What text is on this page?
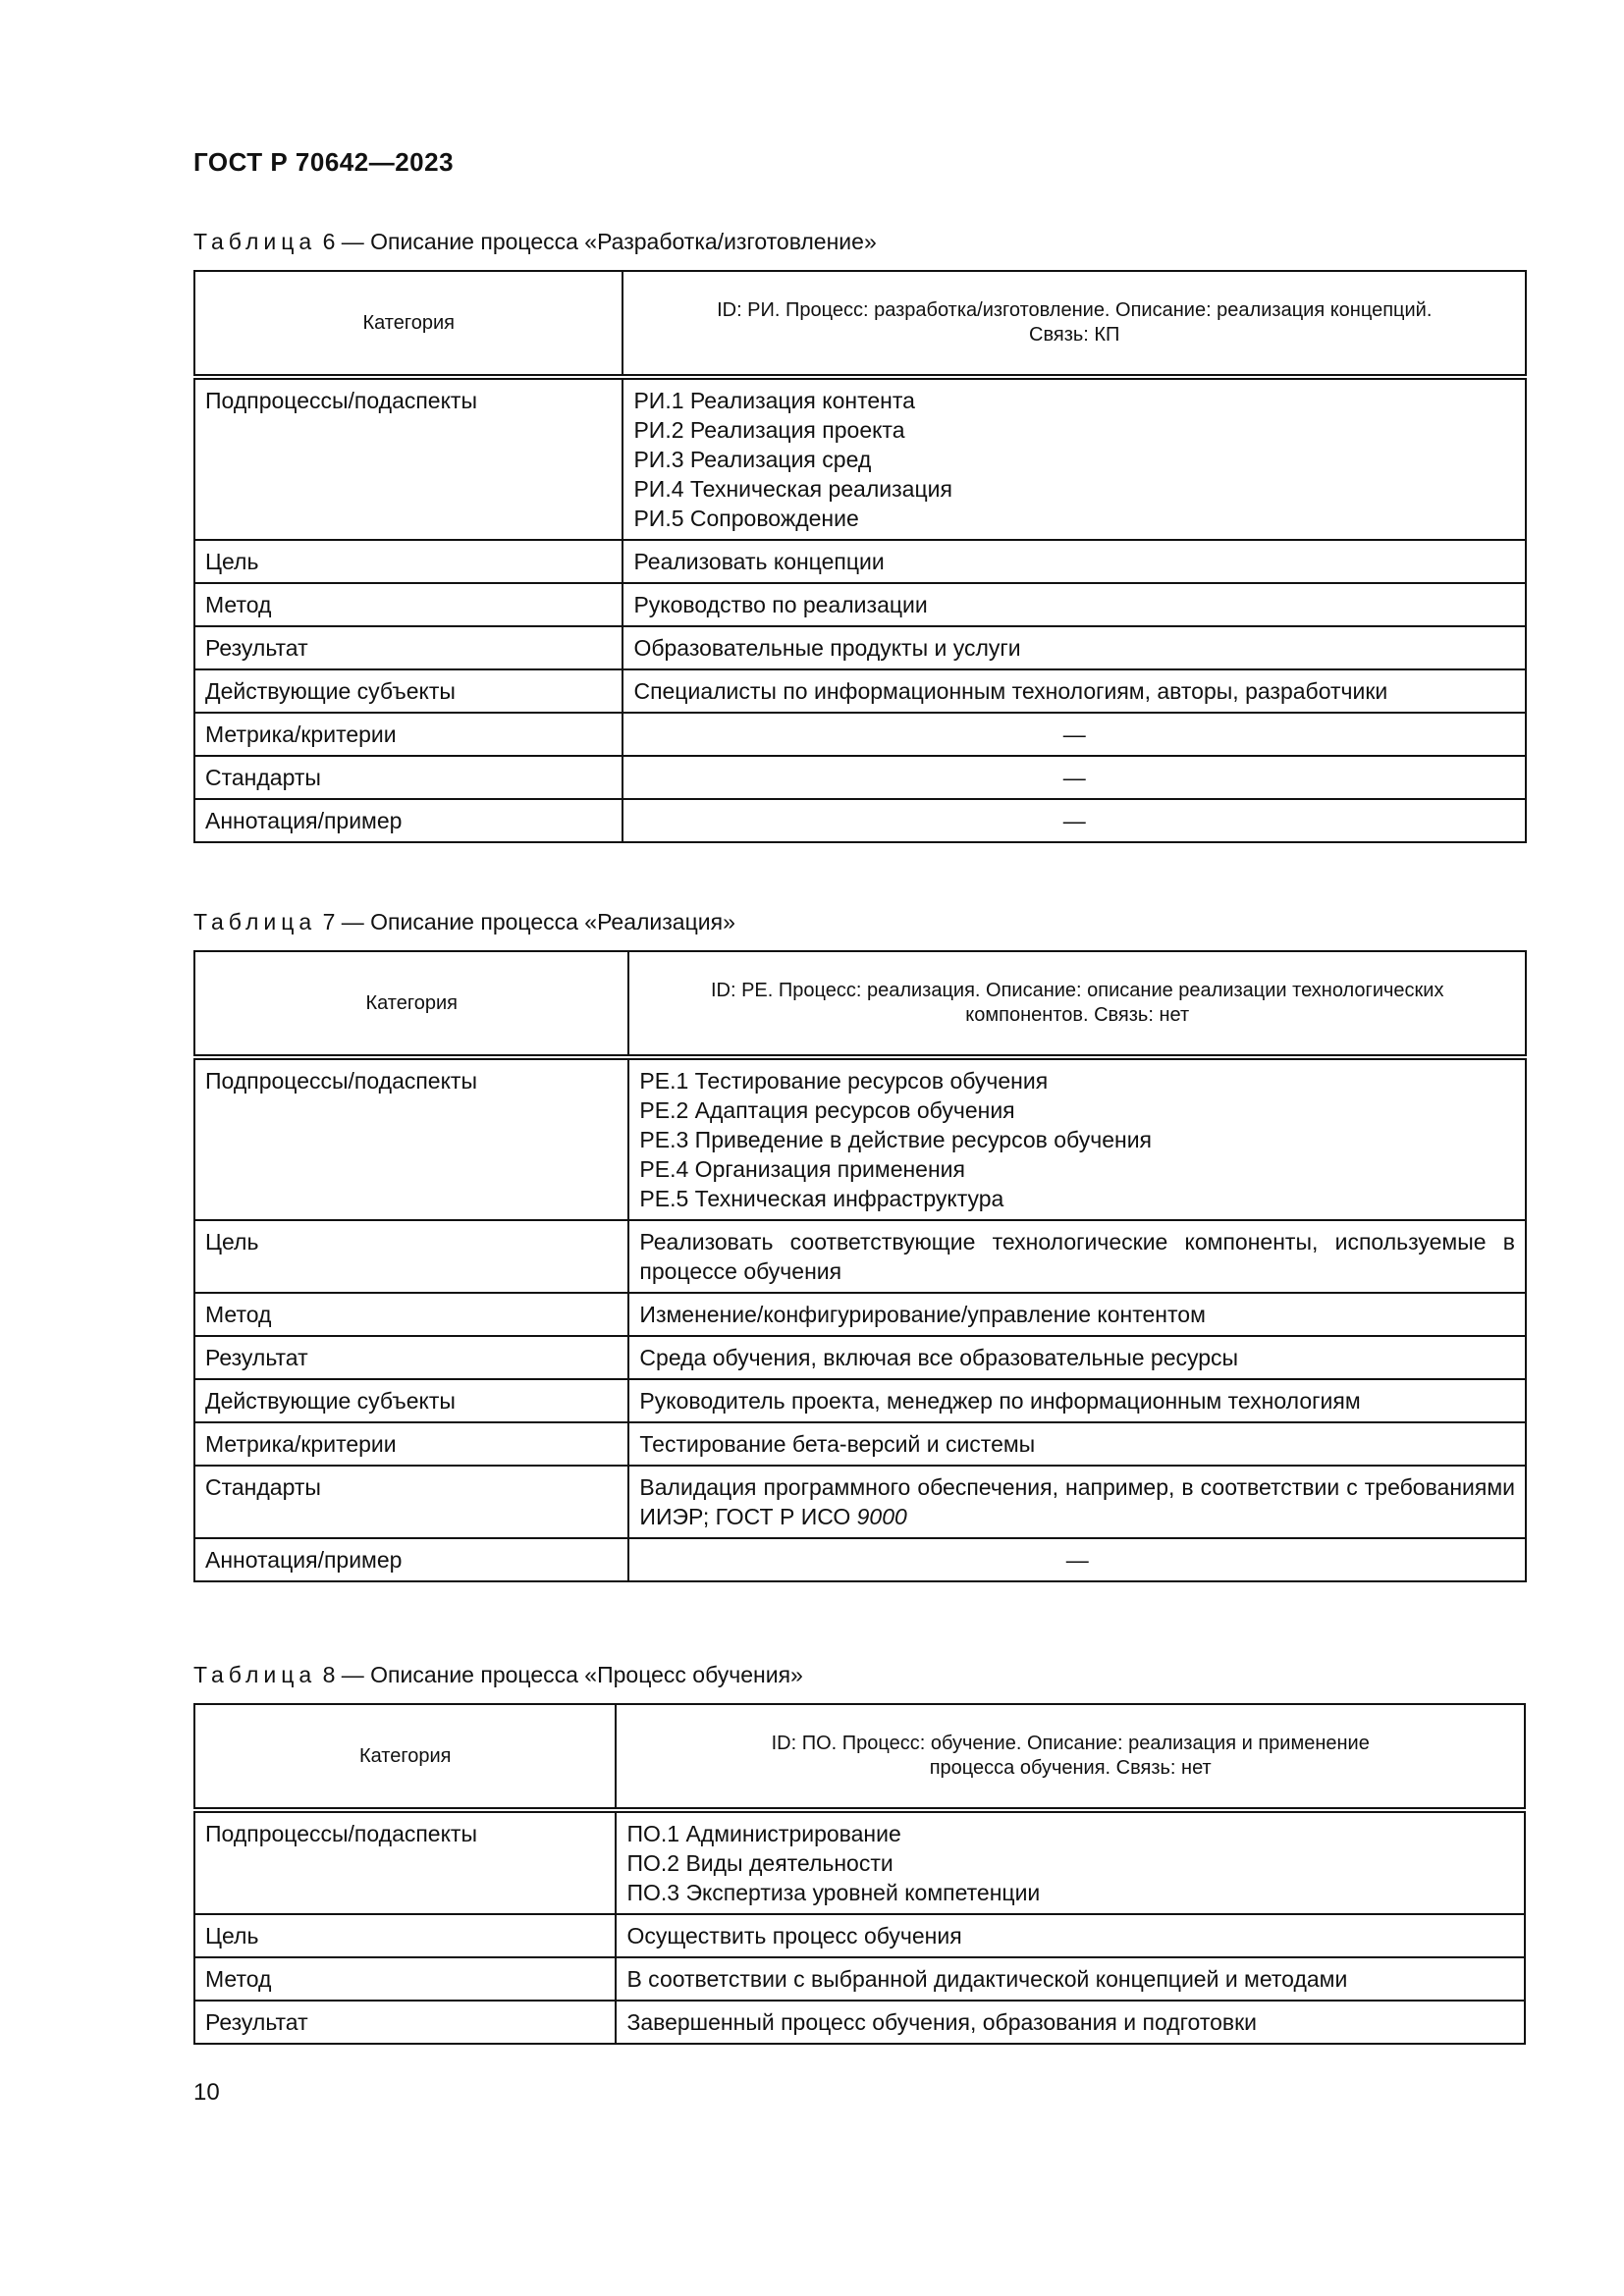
ГОСТ Р 70642—2023
Таблица 6 — Описание процесса «Разработка/изготовление»
Категория	ID: РИ. Процесс: разработка/изготовление. Описание: реализация концепций.
Связь: КП

Подпроцессы/подаспекты	РИ.1 Реализация контента
РИ.2 Реализация проекта
РИ.3 Реализация сред
РИ.4 Техническая реализация
РИ.5 Сопровождение

Цель	Реализовать концепции
Метод	Руководство по реализации
Результат	Образовательные продукты и услуги
Действующие субъекты	Специалисты по информационным технологиям, авторы, разработчики
Метрика/критерии	—
Стандарты	—
Аннотация/пример	—
Таблица 7 — Описание процесса «Реализация»
Категория	ID: РЕ. Процесс: реализация. Описание: описание реализации технологических
компонентов. Связь: нет

Подпроцессы/подаспекты	РЕ.1 Тестирование ресурсов обучения
РЕ.2 Адаптация ресурсов обучения
РЕ.3 Приведение в действие ресурсов обучения
РЕ.4 Организация применения
РЕ.5 Техническая инфраструктура

Цель	Реализовать соответствующие технологические компоненты, используемые в процессе обучения
Метод	Изменение/конфигурирование/управление контентом
Результат	Среда обучения, включая все образовательные ресурсы
Действующие субъекты	Руководитель проекта, менеджер по информационным технологиям
Метрика/критерии	Тестирование бета-версий и системы
Стандарты	Валидация программного обеспечения, например, в соответствии с требованиями ИИЭР; ГОСТ Р ИСО 9000
Аннотация/пример	—
Таблица 8 — Описание процесса «Процесс обучения»
Категория	ID: ПО. Процесс: обучение. Описание: реализация и применение
процесса обучения. Связь: нет

Подпроцессы/подаспекты	ПО.1 Администрирование
ПО.2 Виды деятельности
ПО.3 Экспертиза уровней компетенции

Цель	Осуществить процесс обучения
Метод	В соответствии с выбранной дидактической концепцией и методами
Результат	Завершенный процесс обучения, образования и подготовки
10
